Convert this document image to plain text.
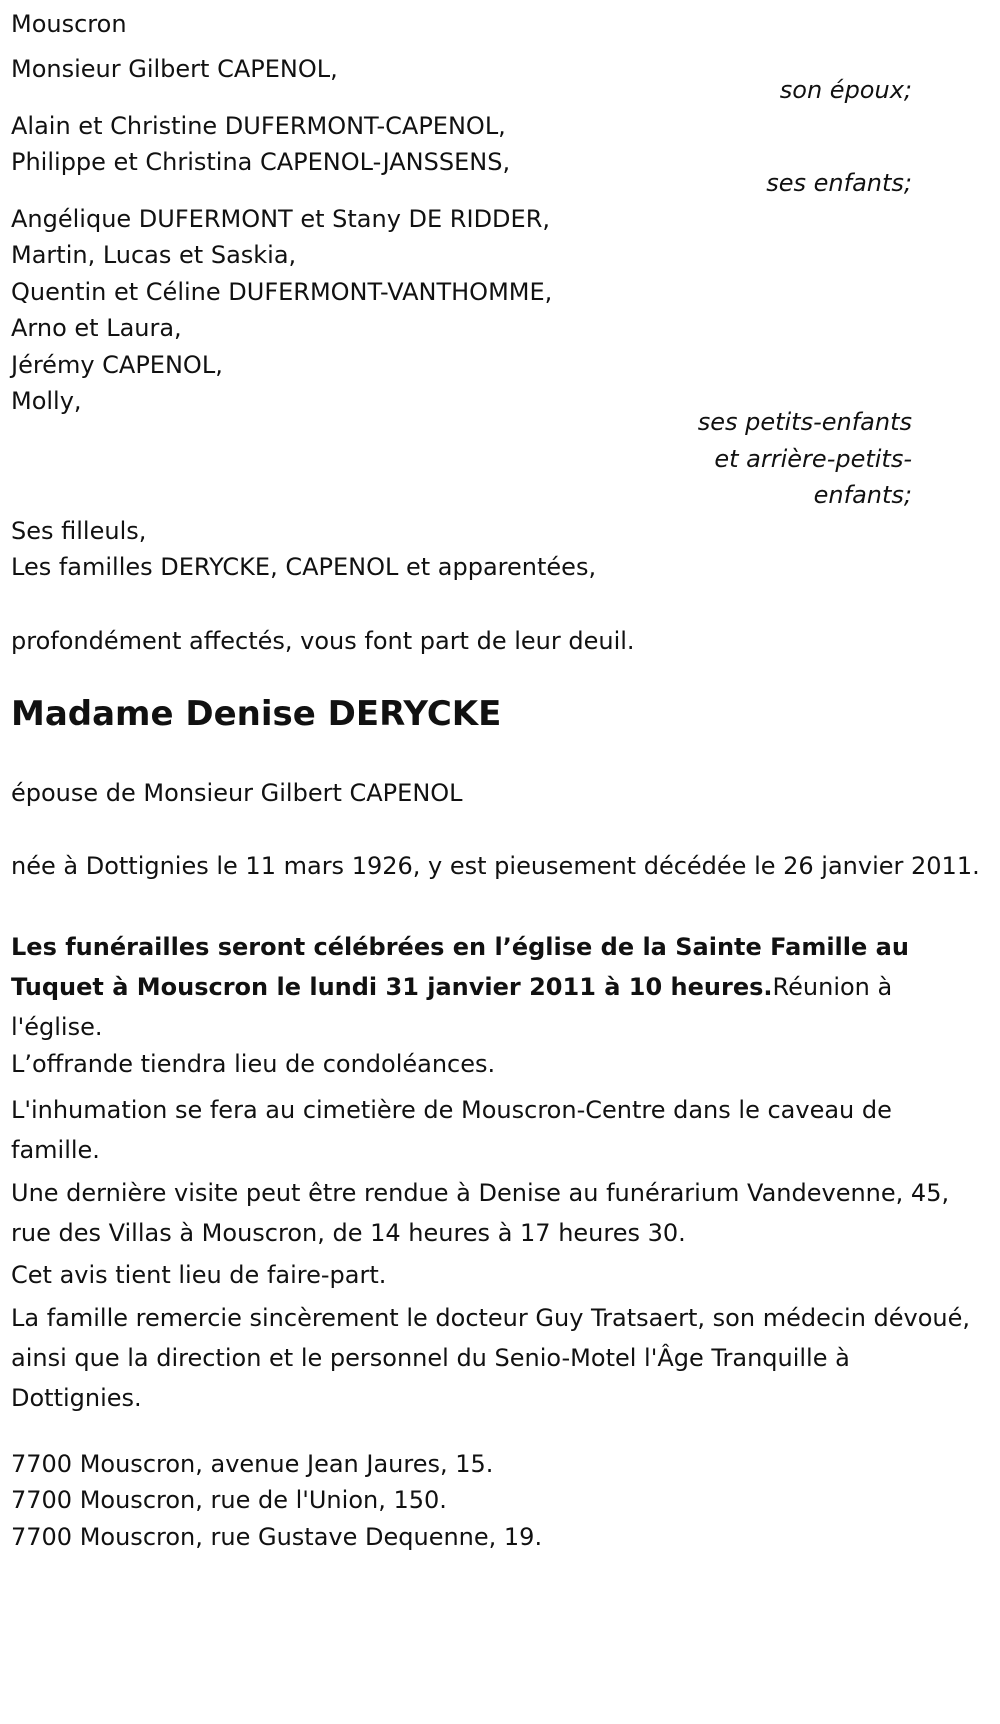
Mouscron
Monsieur Gilbert CAPENOL,
son époux;
Alain et Christine DUFERMONT-CAPENOL,
Philippe et Christina CAPENOL-JANSSENS,
ses enfants;
Angélique DUFERMONT et Stany DE RIDDER,
Martin, Lucas et Saskia,
Quentin et Céline DUFERMONT-VANTHOMME,
Arno et Laura,
Jérémy CAPENOL,
Molly,
ses petits-enfants
et arrière-petits-
enfants;
Ses filleuls,
Les familles DERYCKE, CAPENOL et apparentées,
profondément affectés, vous font part de leur deuil.
Madame Denise DERYCKE
épouse de Monsieur Gilbert CAPENOL
née à Dottignies le 11 mars 1926, y est pieusement décédée le 26 janvier 2011.
Les funérailles seront célébrées en l’église de la Sainte Famille au Tuquet à Mouscron le lundi 31 janvier 2011 à 10 heures.Réunion à l'église.
L’offrande tiendra lieu de condoléances.
L'inhumation se fera au cimetière de Mouscron-Centre dans le caveau de famille.
Une dernière visite peut être rendue à Denise au funérarium Vandevenne, 45, rue des Villas à Mouscron, de 14 heures à 17 heures 30.
Cet avis tient lieu de faire-part.
La famille remercie sincèrement le docteur Guy Tratsaert, son médecin dévoué, ainsi que la direction et le personnel du Senio-Motel l'Âge Tranquille à Dottignies.
7700 Mouscron, avenue Jean Jaures, 15.
7700 Mouscron, rue de l'Union, 150.
7700 Mouscron, rue Gustave Dequenne, 19.
